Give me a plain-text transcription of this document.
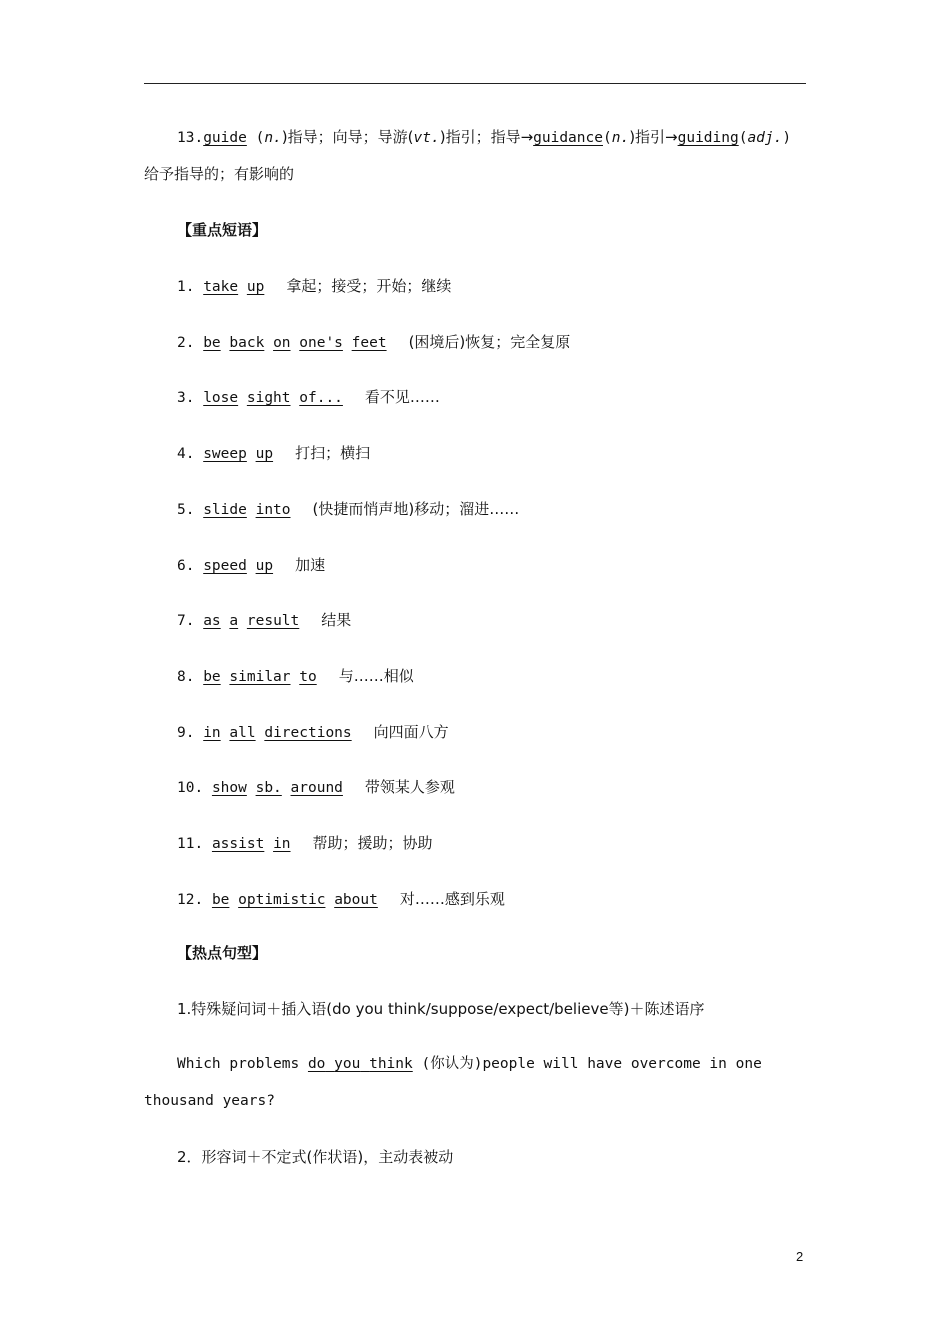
13.guide (n.)指导；向导；导游(vt.)指引；指导→guidance(n.)指引→guiding(adj.)
给予指导的；有影响的
【重点短语】
1. take up 拿起；接受；开始；继续
2. be back on one's feet (困境后)恢复；完全复原
3. lose sight of... 看不见……
4. sweep up 打扫；横扫
5. slide into (快捷而悄声地)移动；溜进……
6. speed up 加速
7. as a result 结果
8. be similar to 与……相似
9. in all directions 向四面八方
10. show sb. around 带领某人参观
11. assist in 帮助；援助；协助
12. be optimistic about 对……感到乐观
【热点句型】
1.特殊疑问词＋插入语(do you think/suppose/expect/believe等)＋陈述语序
Which problems do you think (你认为)people will have overcome in one
thousand years?
2．形容词＋不定式(作状语)，主动表被动
2
